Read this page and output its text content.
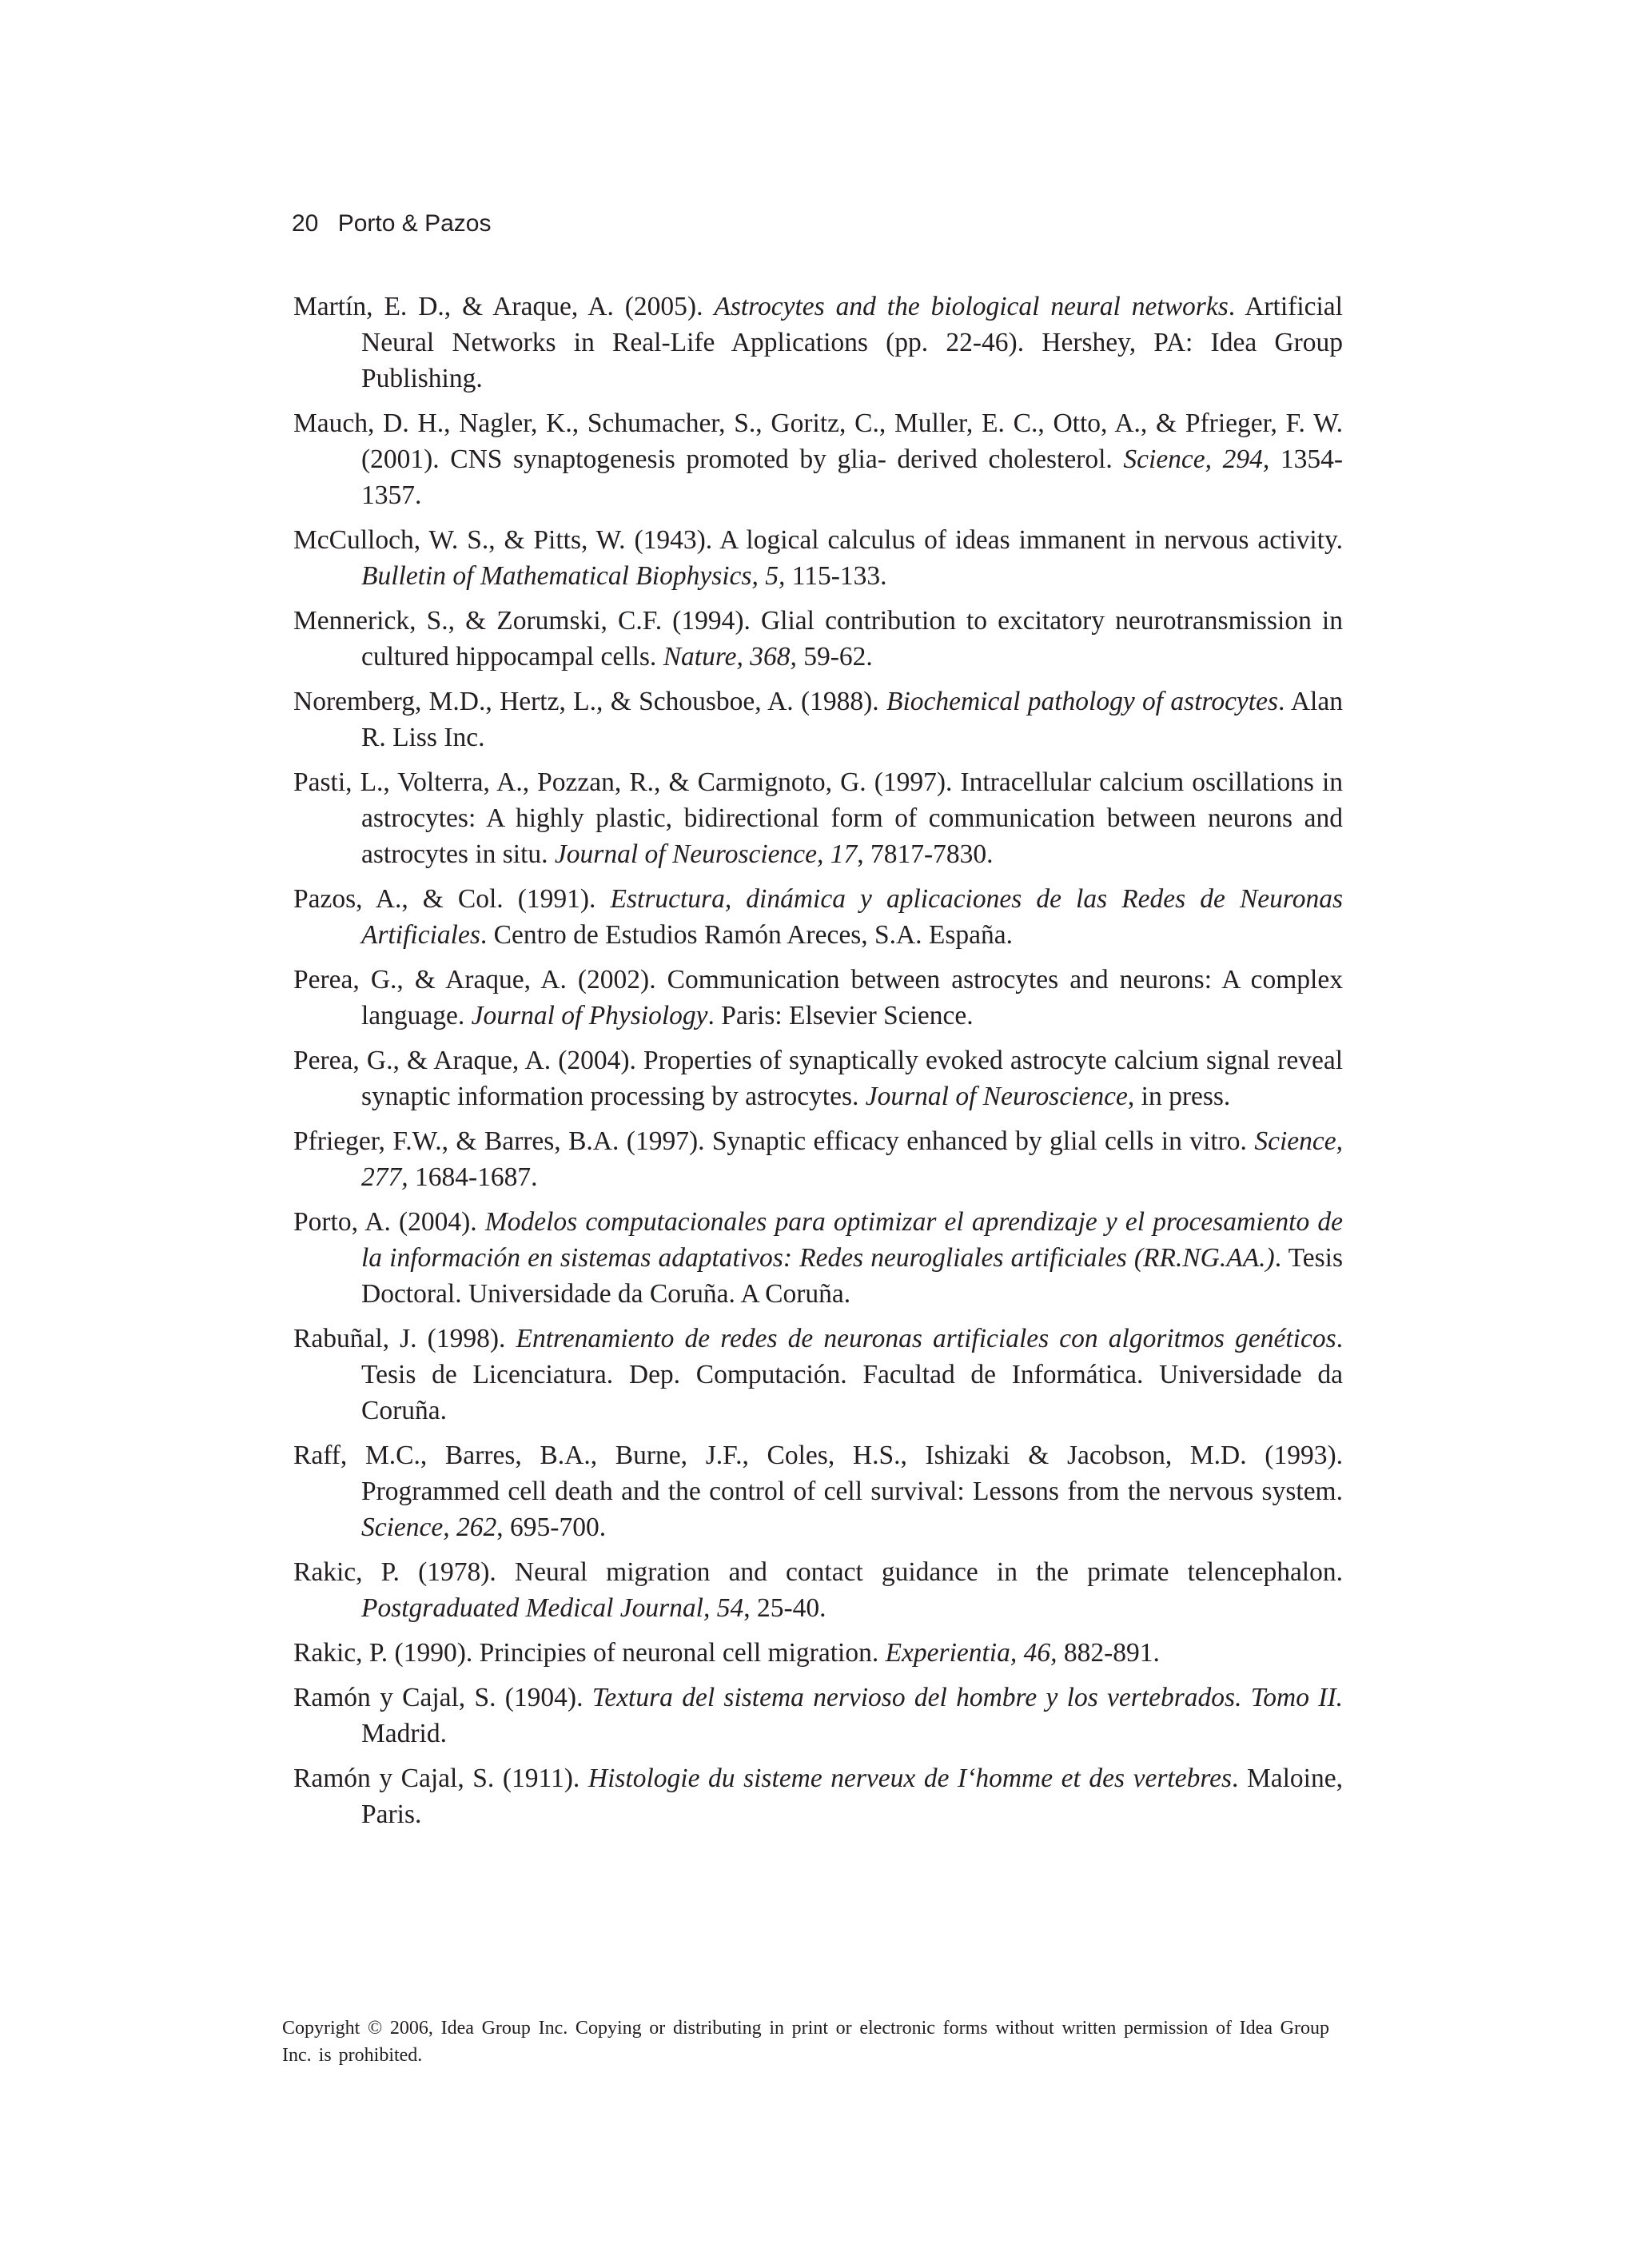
20 Porto & Pazos

Martín, E. D., & Araque, A. (2005). Astrocytes and the biological neural networks. Artificial Neural Networks in Real-Life Applications (pp. 22-46). Hershey, PA: Idea Group Publishing.

Mauch, D. H., Nagler, K., Schumacher, S., Goritz, C., Muller, E. C., Otto, A., & Pfrieger, F. W. (2001). CNS synaptogenesis promoted by glia- derived cholesterol. Science, 294, 1354-1357.

McCulloch, W. S., & Pitts, W. (1943). A logical calculus of ideas immanent in nervous activity. Bulletin of Mathematical Biophysics, 5, 115-133.

Mennerick, S., & Zorumski, C.F. (1994). Glial contribution to excitatory neurotransmission in cultured hippocampal cells. Nature, 368, 59-62.

Noremberg, M.D., Hertz, L., & Schousboe, A. (1988). Biochemical pathology of astrocytes. Alan R. Liss Inc.

Pasti, L., Volterra, A., Pozzan, R., & Carmignoto, G. (1997). Intracellular calcium oscillations in astrocytes: A highly plastic, bidirectional form of communication between neurons and astrocytes in situ. Journal of Neuroscience, 17, 7817-7830.

Pazos, A., & Col. (1991). Estructura, dinámica y aplicaciones de las Redes de Neuronas Artificiales. Centro de Estudios Ramón Areces, S.A. España.

Perea, G., & Araque, A. (2002). Communication between astrocytes and neurons: A complex language. Journal of Physiology. Paris: Elsevier Science.

Perea, G., & Araque, A. (2004). Properties of synaptically evoked astrocyte calcium signal reveal synaptic information processing by astrocytes. Journal of Neuroscience, in press.

Pfrieger, F.W., & Barres, B.A. (1997). Synaptic efficacy enhanced by glial cells in vitro. Science, 277, 1684-1687.

Porto, A. (2004). Modelos computacionales para optimizar el aprendizaje y el procesamiento de la información en sistemas adaptativos: Redes neurogliales artificiales (RR.NG.AA.). Tesis Doctoral. Universidade da Coruña. A Coruña.

Rabuñal, J. (1998). Entrenamiento de redes de neuronas artificiales con algoritmos genéticos. Tesis de Licenciatura. Dep. Computación. Facultad de Informática. Universidade da Coruña.

Raff, M.C., Barres, B.A., Burne, J.F., Coles, H.S., Ishizaki & Jacobson, M.D. (1993). Programmed cell death and the control of cell survival: Lessons from the nervous system. Science, 262, 695-700.

Rakic, P. (1978). Neural migration and contact guidance in the primate telencephalon. Postgraduated Medical Journal, 54, 25-40.

Rakic, P. (1990). Principies of neuronal cell migration. Experientia, 46, 882-891.

Ramón y Cajal, S. (1904). Textura del sistema nervioso del hombre y los vertebrados. Tomo II. Madrid.

Ramón y Cajal, S. (1911). Histologie du sisteme nerveux de I‘homme et des vertebres. Maloine, Paris.

Copyright © 2006, Idea Group Inc. Copying or distributing in print or electronic forms without written permission of Idea Group Inc. is prohibited.
